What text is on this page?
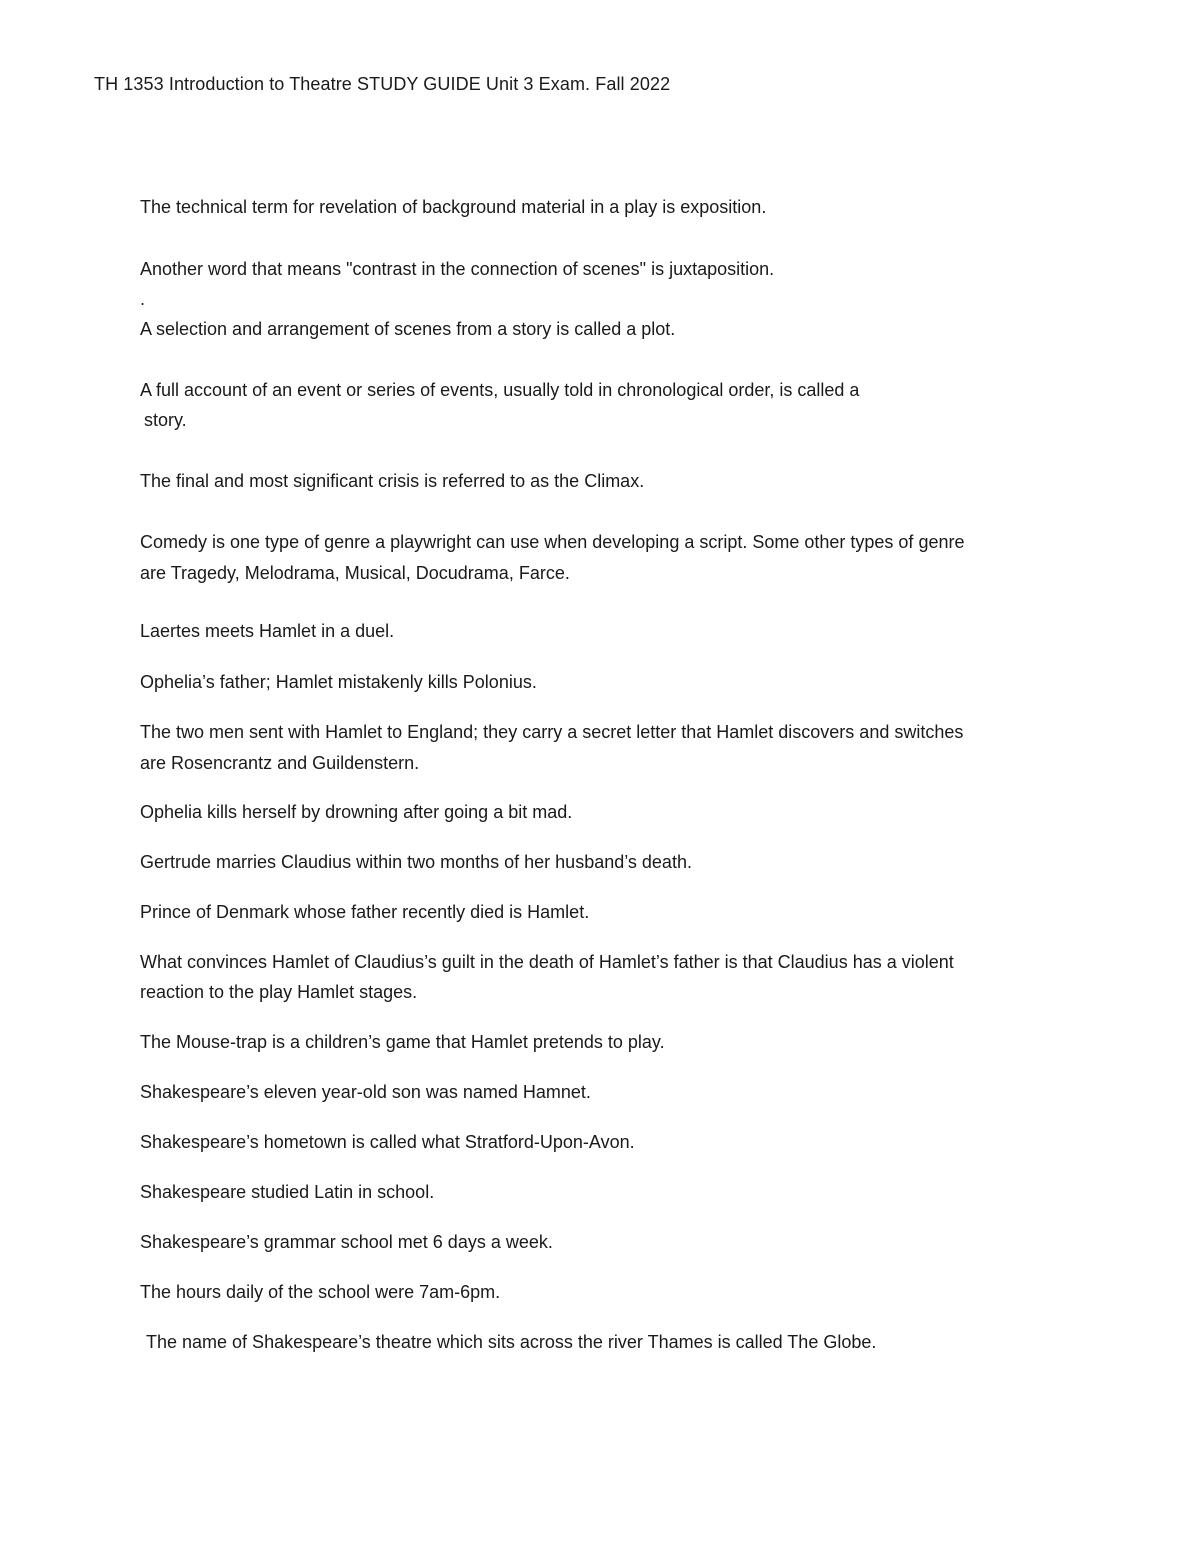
TH 1353 Introduction to Theatre STUDY GUIDE Unit 3 Exam. Fall 2022
The technical term for revelation of background material in a play is exposition.
Another word that means "contrast in the connection of scenes" is juxtaposition.
.
A selection and arrangement of scenes from a story is called a plot.
A full account of an event or series of events, usually told in chronological order, is called a
story.
The final and most significant crisis is referred to as the Climax.
Comedy is one type of genre a playwright can use when developing a script. Some other types of genre
are Tragedy, Melodrama, Musical, Docudrama, Farce.
Laertes meets Hamlet in a duel.
Ophelia’s father; Hamlet mistakenly kills Polonius.
The two men sent with Hamlet to England; they carry a secret letter that Hamlet discovers and switches
are Rosencrantz and Guildenstern.
Ophelia kills herself by drowning after going a bit mad.
Gertrude marries Claudius within two months of her husband’s death.
Prince of Denmark whose father recently died is Hamlet.
What convinces Hamlet of Claudius’s guilt in the death of Hamlet’s father is that Claudius has a violent
reaction to the play Hamlet stages.
The Mouse-trap is a children’s game that Hamlet pretends to play.
Shakespeare’s eleven year-old son was named Hamnet.
Shakespeare’s hometown is called what Stratford-Upon-Avon.
Shakespeare studied Latin in school.
Shakespeare’s grammar school met 6 days a week.
The hours daily of the school were 7am-6pm.
The name of Shakespeare’s theatre which sits across the river Thames is called The Globe.
